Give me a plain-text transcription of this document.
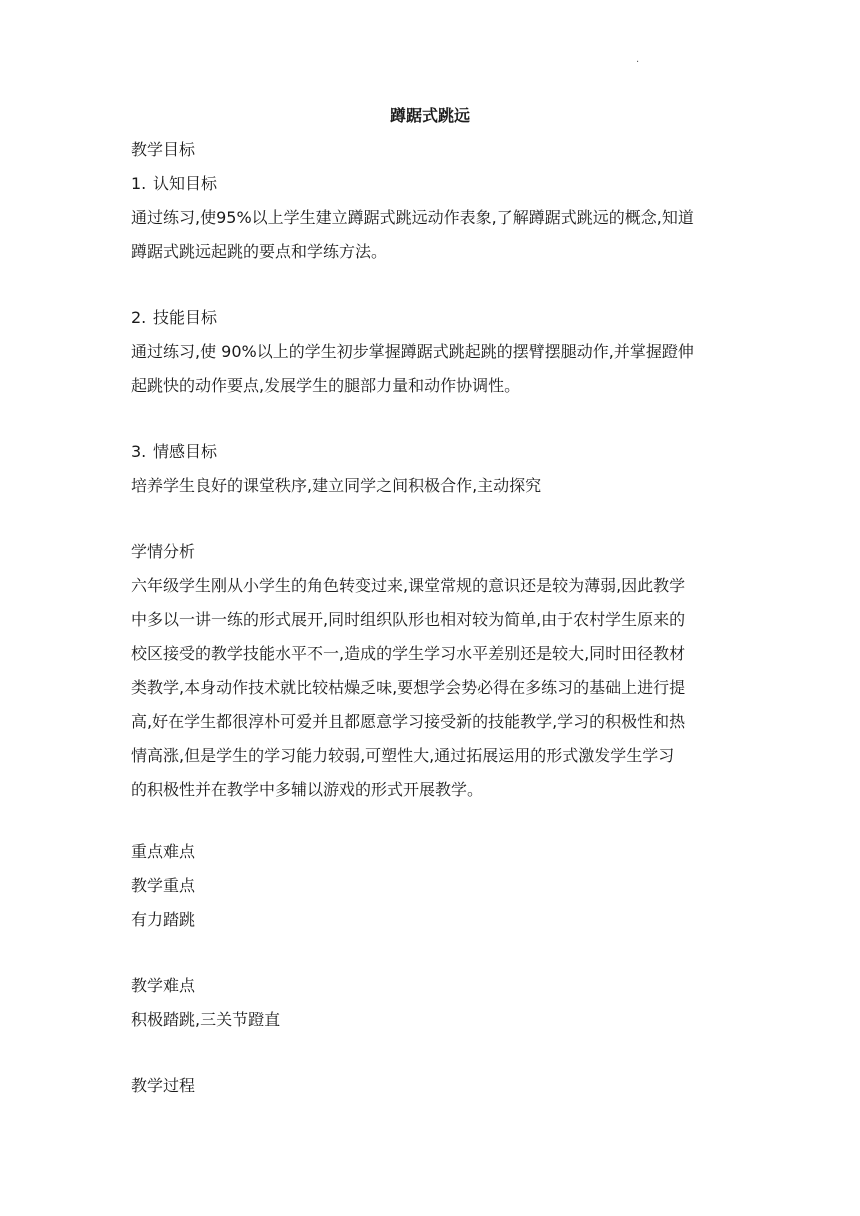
·
蹲踞式跳远
教学目标
1. 认知目标
通过练习,使95%以上学生建立蹲踞式跳远动作表象,了解蹲踞式跳远的概念,知道
蹲踞式跳远起跳的要点和学练方法。
2. 技能目标
通过练习,使 90%以上的学生初步掌握蹲踞式跳起跳的摆臂摆腿动作,并掌握蹬伸
起跳快的动作要点,发展学生的腿部力量和动作协调性。
3. 情感目标
培养学生良好的课堂秩序,建立同学之间积极合作,主动探究
学情分析
六年级学生刚从小学生的角色转变过来,课堂常规的意识还是较为薄弱,因此教学
中多以一讲一练的形式展开,同时组织队形也相对较为简单,由于农村学生原来的
校区接受的教学技能水平不一,造成的学生学习水平差别还是较大,同时田径教材
类教学,本身动作技术就比较枯燥乏味,要想学会势必得在多练习的基础上进行提
高,好在学生都很淳朴可爱并且都愿意学习接受新的技能教学,学习的积极性和热
情高涨,但是学生的学习能力较弱,可塑性大,通过拓展运用的形式激发学生学习
的积极性并在教学中多辅以游戏的形式开展教学。
重点难点
教学重点
有力踏跳
教学难点
积极踏跳,三关节蹬直
教学过程
